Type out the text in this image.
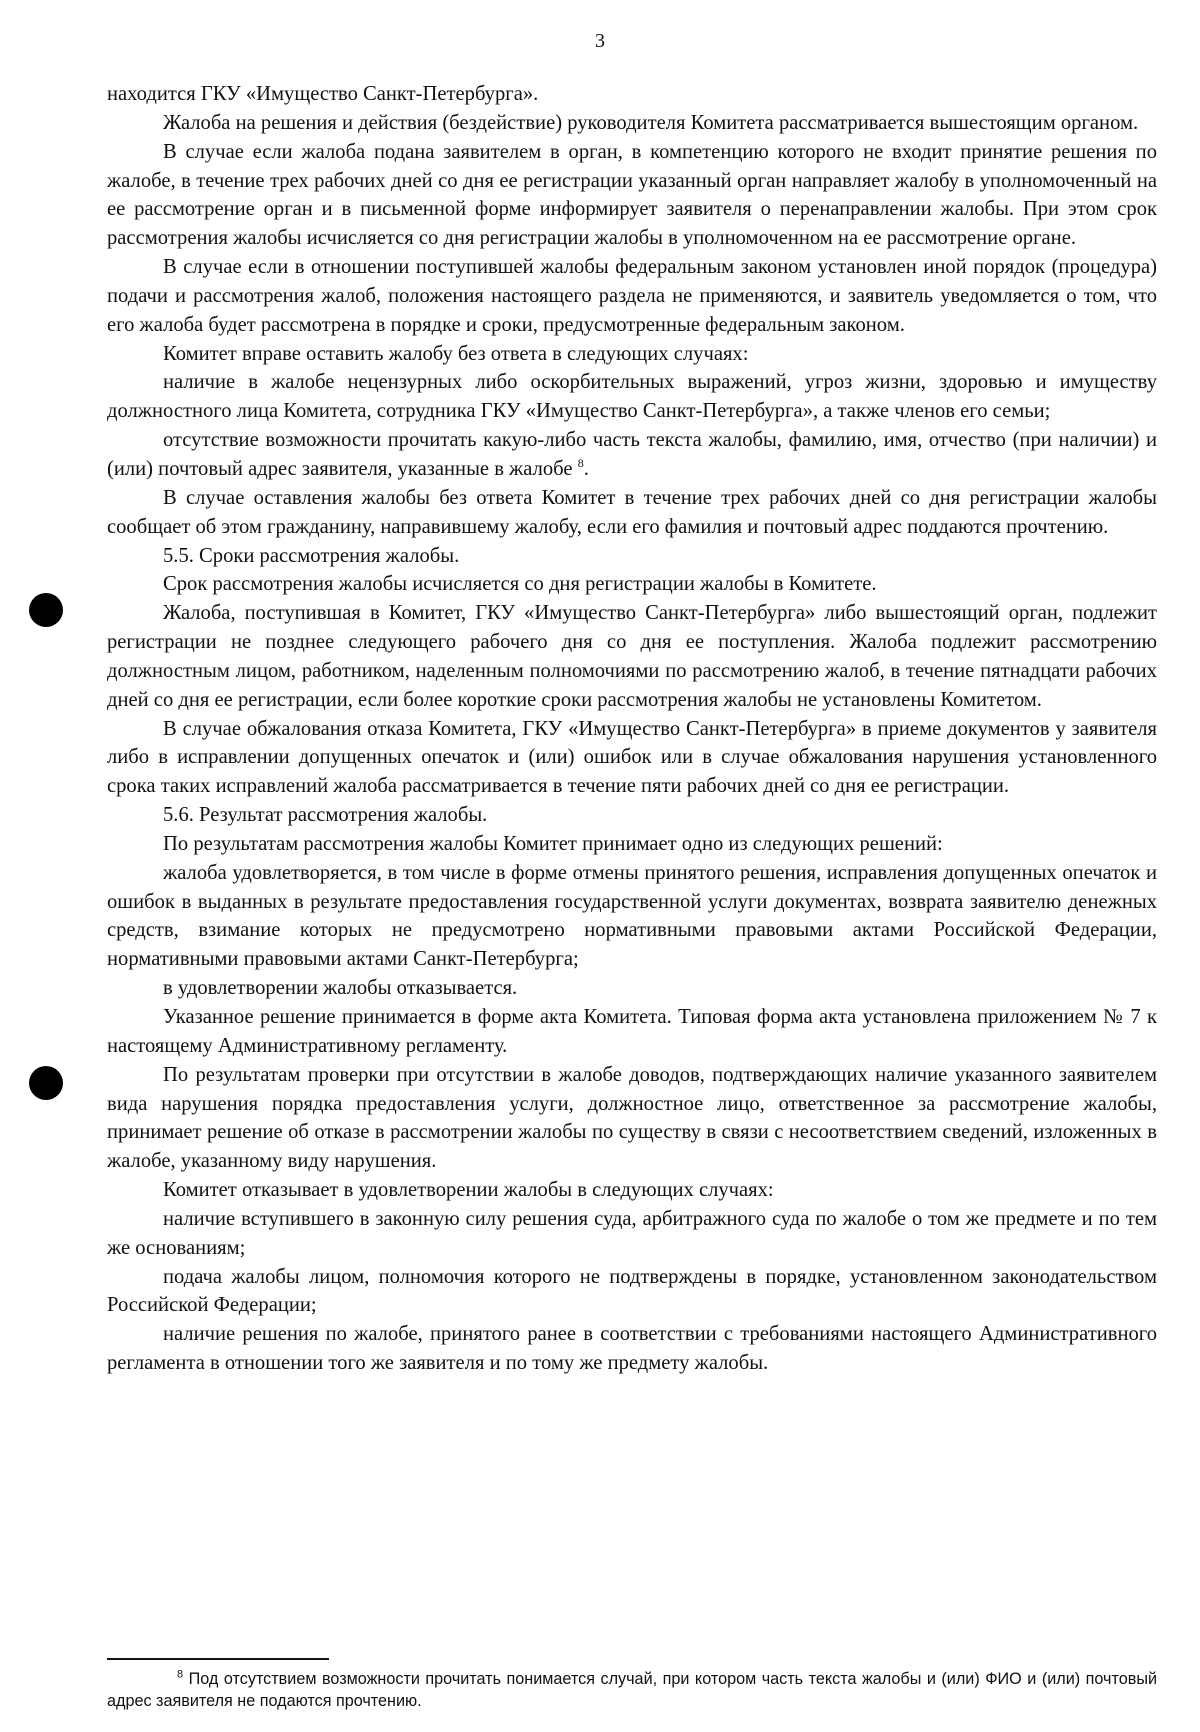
3

находится ГКУ «Имущество Санкт-Петербурга».

Жалоба на решения и действия (бездействие) руководителя Комитета рассматривается вышестоящим органом.

В случае если жалоба подана заявителем в орган, в компетенцию которого не входит принятие решения по жалобе, в течение трех рабочих дней со дня ее регистрации указанный орган направляет жалобу в уполномоченный на ее рассмотрение орган и в письменной форме информирует заявителя о перенаправлении жалобы. При этом срок рассмотрения жалобы исчисляется со дня регистрации жалобы в уполномоченном на ее рассмотрение органе.

В случае если в отношении поступившей жалобы федеральным законом установлен иной порядок (процедура) подачи и рассмотрения жалоб, положения настоящего раздела не применяются, и заявитель уведомляется о том, что его жалоба будет рассмотрена в порядке и сроки, предусмотренные федеральным законом.

Комитет вправе оставить жалобу без ответа в следующих случаях:

наличие в жалобе нецензурных либо оскорбительных выражений, угроз жизни, здоровью и имуществу должностного лица Комитета, сотрудника ГКУ «Имущество Санкт-Петербурга», а также членов его семьи;

отсутствие возможности прочитать какую-либо часть текста жалобы, фамилию, имя, отчество (при наличии) и (или) почтовый адрес заявителя, указанные в жалобе $^8$.

В случае оставления жалобы без ответа Комитет в течение трех рабочих дней со дня регистрации жалобы сообщает об этом гражданину, направившему жалобу, если его фамилия и почтовый адрес поддаются прочтению.

5.5. Сроки рассмотрения жалобы.

Срок рассмотрения жалобы исчисляется со дня регистрации жалобы в Комитете.

Жалоба, поступившая в Комитет, ГКУ «Имущество Санкт-Петербурга» либо вышестоящий орган, подлежит регистрации не позднее следующего рабочего дня со дня ее поступления. Жалоба подлежит рассмотрению должностным лицом, работником, наделенным полномочиями по рассмотрению жалоб, в течение пятнадцати рабочих дней со дня ее регистрации, если более короткие сроки рассмотрения жалобы не установлены Комитетом.

В случае обжалования отказа Комитета, ГКУ «Имущество Санкт-Петербурга» в приеме документов у заявителя либо в исправлении допущенных опечаток и (или) ошибок или в случае обжалования нарушения установленного срока таких исправлений жалоба рассматривается в течение пяти рабочих дней со дня ее регистрации.

5.6. Результат рассмотрения жалобы.

По результатам рассмотрения жалобы Комитет принимает одно из следующих решений:

жалоба удовлетворяется, в том числе в форме отмены принятого решения, исправления допущенных опечаток и ошибок в выданных в результате предоставления государственной услуги документах, возврата заявителю денежных средств, взимание которых не предусмотрено нормативными правовыми актами Российской Федерации, нормативными правовыми актами Санкт-Петербурга;

в удовлетворении жалобы отказывается.

Указанное решение принимается в форме акта Комитета. Типовая форма акта установлена приложением № 7 к настоящему Административному регламенту.

По результатам проверки при отсутствии в жалобе доводов, подтверждающих наличие указанного заявителем вида нарушения порядка предоставления услуги, должностное лицо, ответственное за рассмотрение жалобы, принимает решение об отказе в рассмотрении жалобы по существу в связи с несоответствием сведений, изложенных в жалобе, указанному виду нарушения.

Комитет отказывает в удовлетворении жалобы в следующих случаях:

наличие вступившего в законную силу решения суда, арбитражного суда по жалобе о том же предмете и по тем же основаниям;

подача жалобы лицом, полномочия которого не подтверждены в порядке, установленном законодательством Российской Федерации;

наличие решения по жалобе, принятого ранее в соответствии с требованиями настоящего Административного регламента в отношении того же заявителя и по тому же предмету жалобы.

$^8$ Под отсутствием возможности прочитать понимается случай, при котором часть текста жалобы и (или) ФИО и (или) почтовый адрес заявителя не подаются прочтению.
